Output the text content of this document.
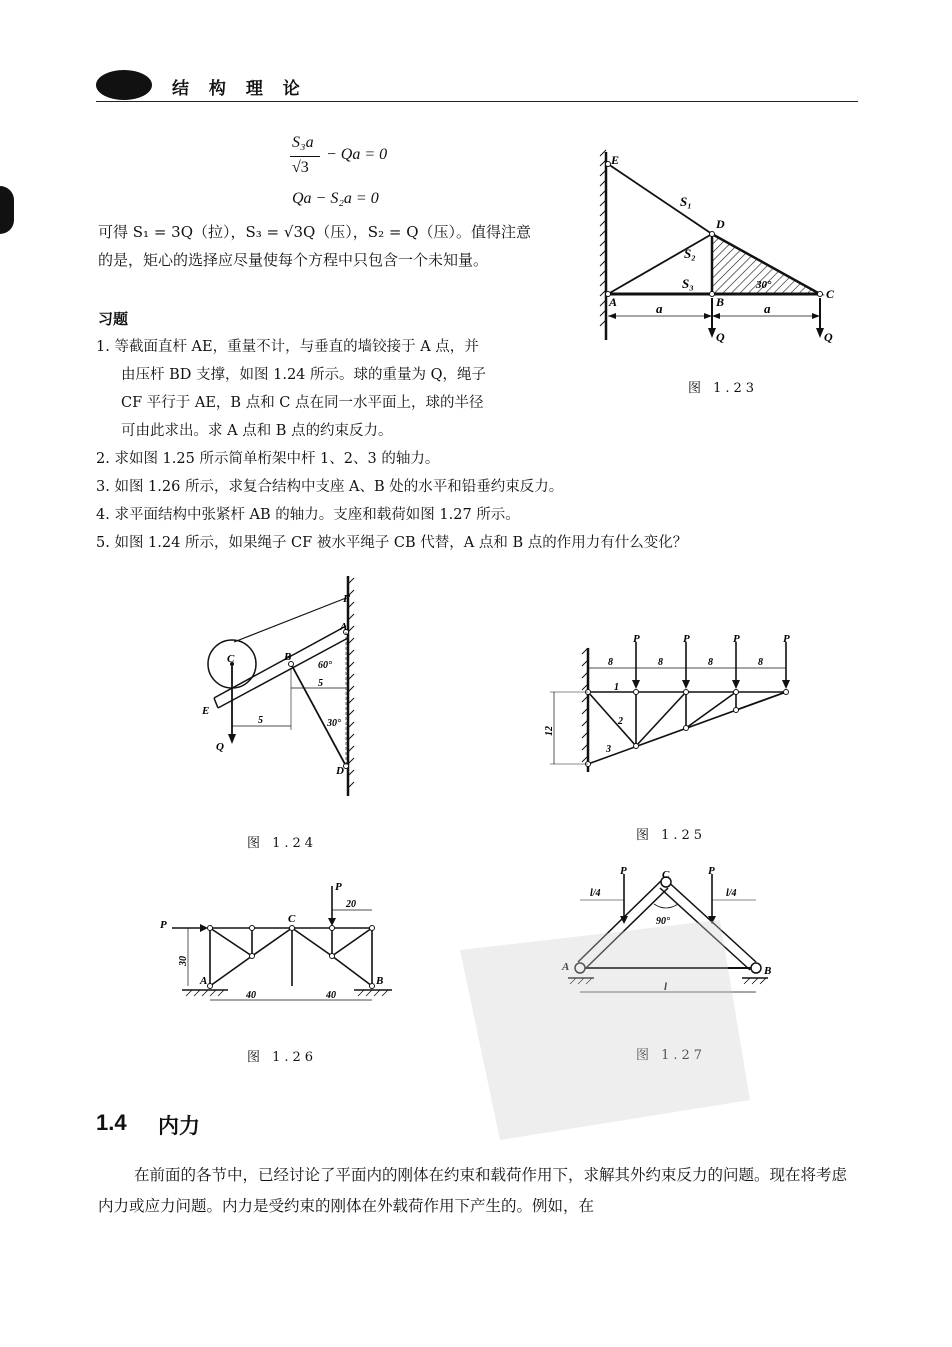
结 构 理 论
S₃a
√3
− Qa = 0
Qa − S₂a = 0
可得 S₁ = 3Q（拉），S₃ = √3Q（压），S₂ = Q（压）。值得注意
的是，矩心的选择应尽量使每个方程中只包含一个未知量。
E
D
A	B
C
S₁
S₂
S₃	30°
a	a
Q	Q
图 1.23
习题
1. 等截面直杆 AE，重量不计，与垂直的墙铰接于 A 点，并
由压杆 BD 支撑，如图 1.24 所示。球的重量为 Q，绳子
CF 平行于 AE，B 点和 C 点在同一水平面上，球的半径
可由此求出。求 A 点和 B 点的约束反力。
2. 求如图 1.25 所示简单桁架中杆 1、2、3 的轴力。
3. 如图 1.26 所示，求复合结构中支座 A、B 处的水平和铅垂约束反力。
4. 求平面结构中张紧杆 AB 的轴力。支座和载荷如图 1.27 所示。
5. 如图 1.24 所示，如果绳子 CF 被水平绳子 CB 代替，A 点和 B 点的作用力有什么变化？
F
A
C	B
E
D
Q
5
5
60°
30°
图 1.24
P	P	P	P
8	8	8	8
12
1
2
3
图 1.25
P
P
C
A	B
30
20
40	40
图 1.26
C
A	B
P	P
l/4	l/4
90°
l
图 1.27
1.4 内力
在前面的各节中，已经讨论了平面内的刚体在约束和载荷作用下，求解其外约束反力的问题。现在将考虑内力或应力问题。内力是受约束的刚体在外载荷作用下产生的。例如，在
